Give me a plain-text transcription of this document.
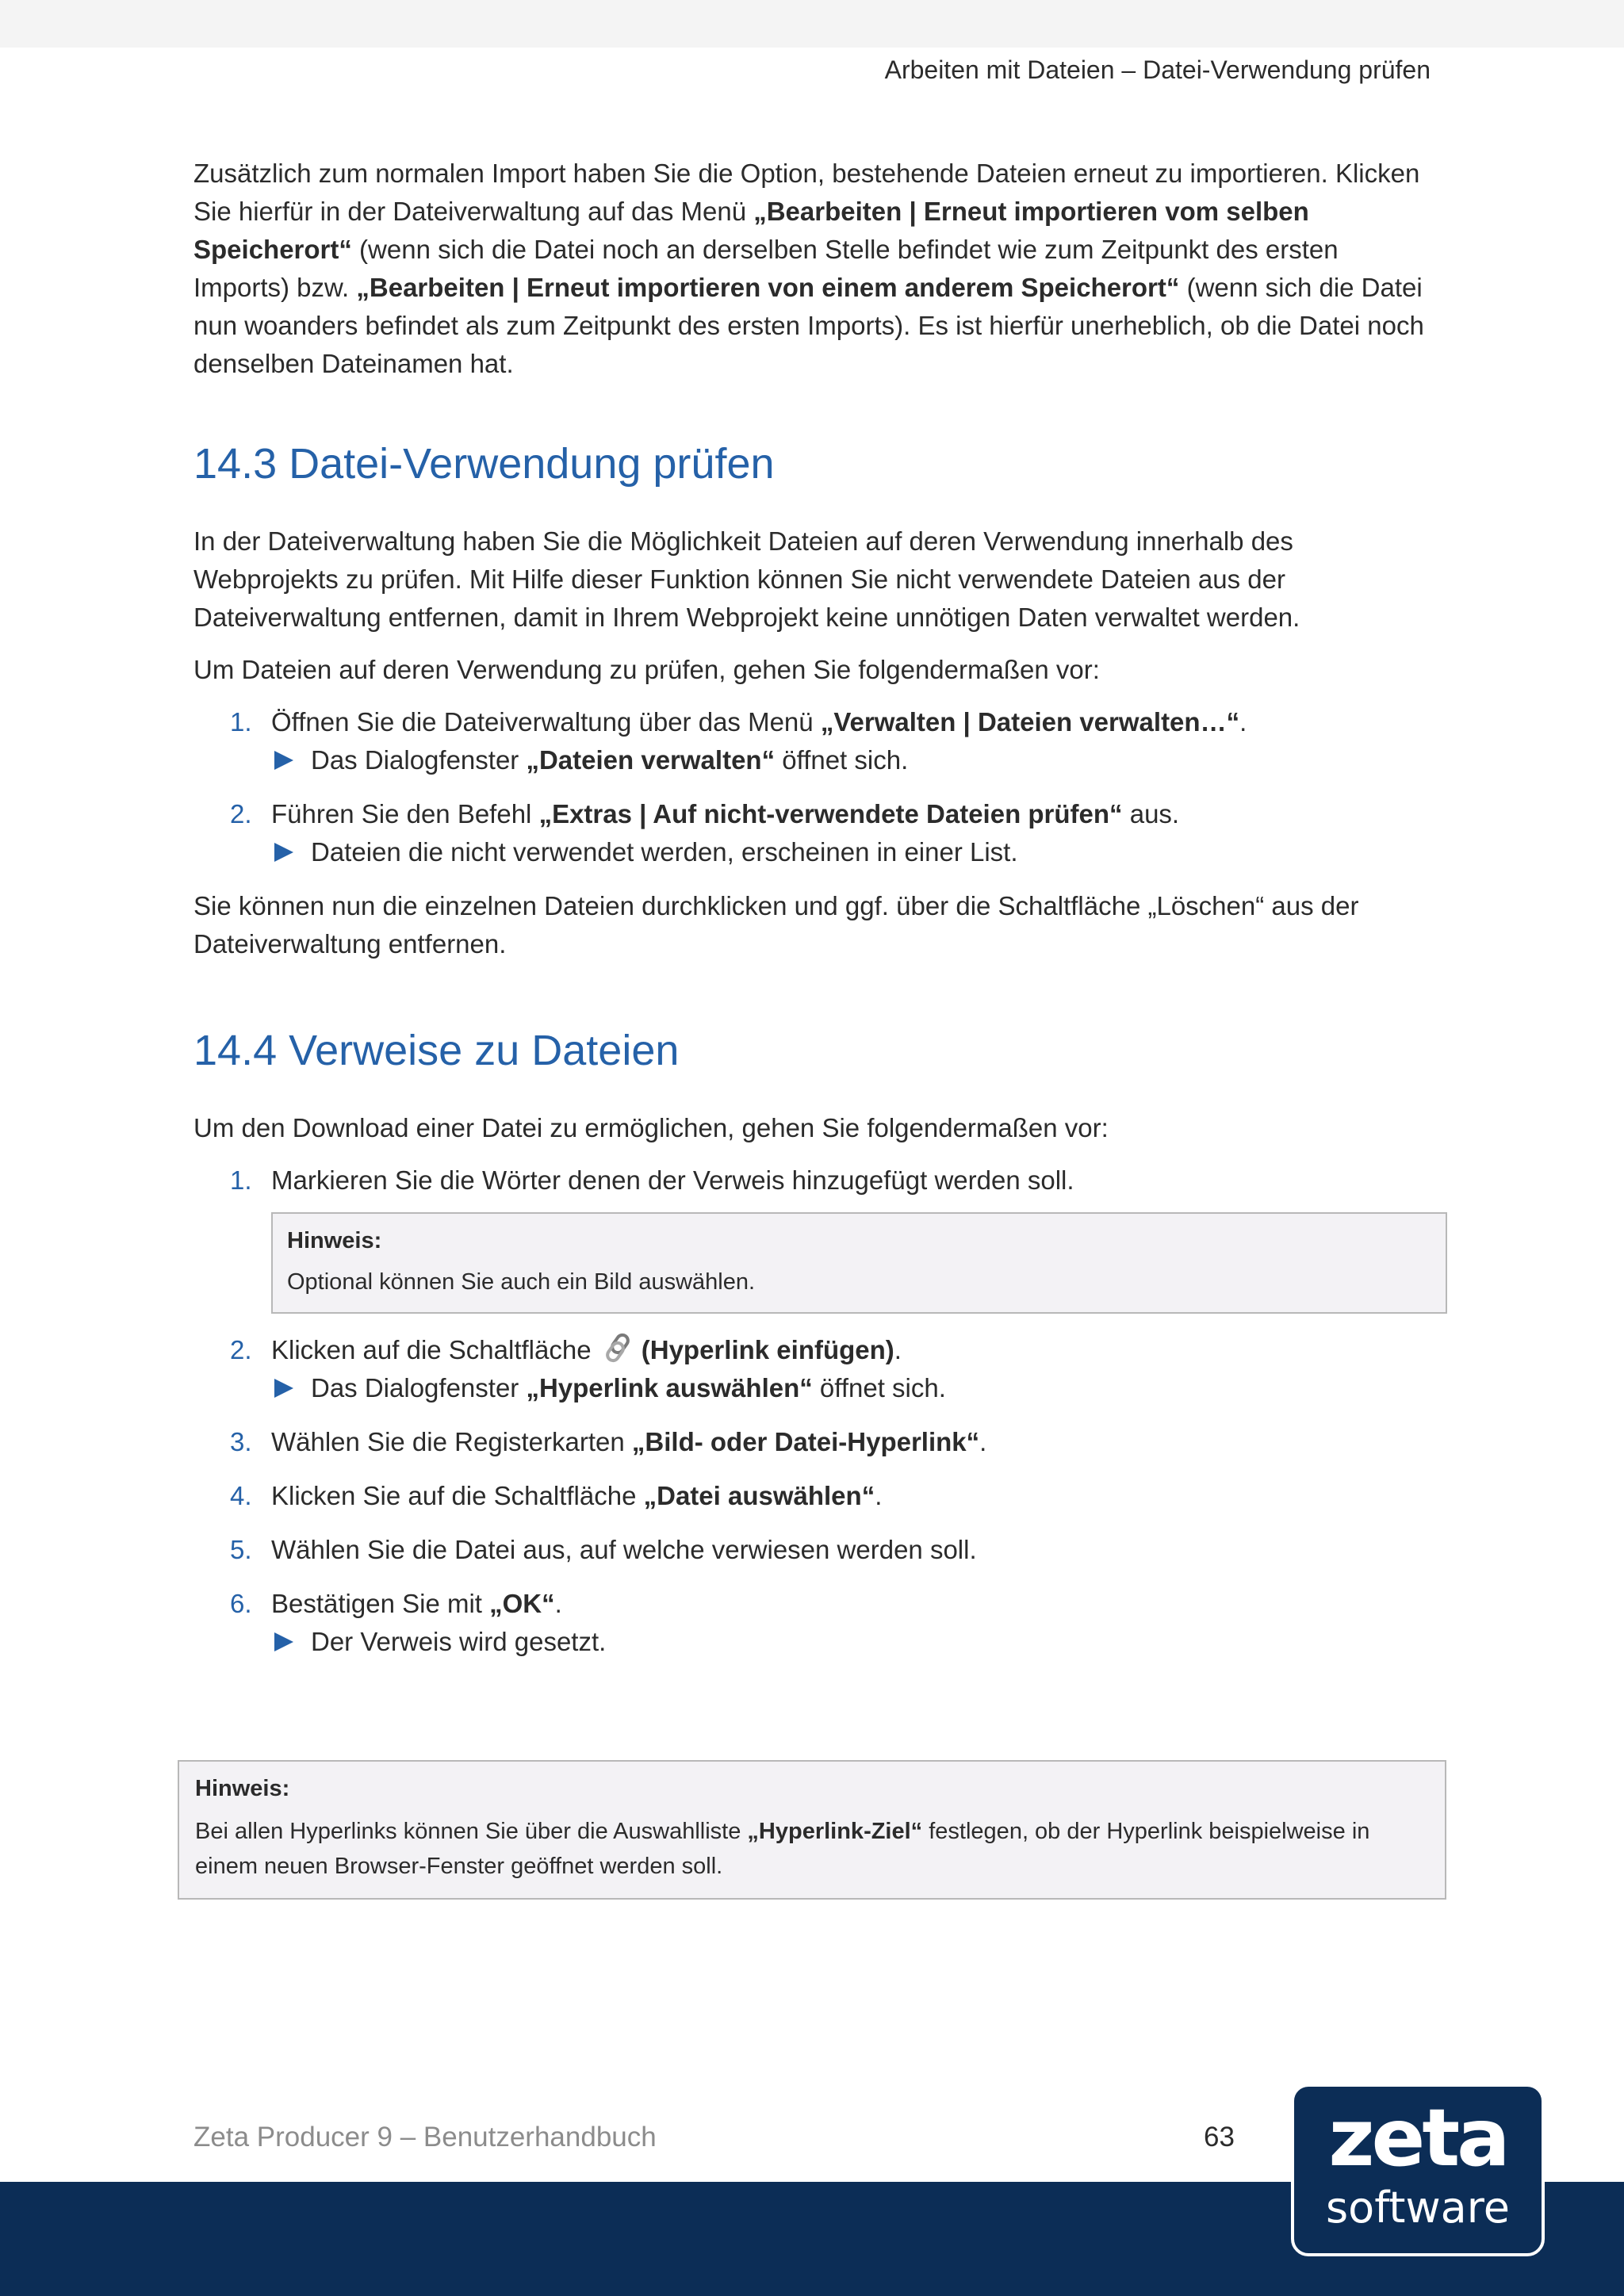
Arbeiten mit Dateien – Datei-Verwendung prüfen

Zusätzlich zum normalen Import haben Sie die Option, bestehende Dateien erneut zu importieren. Klicken Sie hierfür in der Dateiverwaltung auf das Menü „Bearbeiten | Erneut importieren vom selben Speicherort“ (wenn sich die Datei noch an derselben Stelle befindet wie zum Zeitpunkt des ersten Imports) bzw. „Bearbeiten | Erneut importieren von einem anderem Speicherort“ (wenn sich die Datei nun woanders befindet als zum Zeitpunkt des ersten Imports). Es ist hierfür unerheblich, ob die Datei noch denselben Dateinamen hat.

14.3 Datei-Verwendung prüfen

In der Dateiverwaltung haben Sie die Möglichkeit Dateien auf deren Verwendung innerhalb des Webprojekts zu prüfen. Mit Hilfe dieser Funktion können Sie nicht verwendete Dateien aus der Dateiverwaltung entfernen, damit in Ihrem Webprojekt keine unnötigen Daten verwaltet werden.

Um Dateien auf deren Verwendung zu prüfen, gehen Sie folgendermaßen vor:

1. Öffnen Sie die Dateiverwaltung über das Menü „Verwalten | Dateien verwalten…“.
Das Dialogfenster „Dateien verwalten“ öffnet sich.
2. Führen Sie den Befehl „Extras | Auf nicht-verwendete Dateien prüfen“ aus.
Dateien die nicht verwendet werden, erscheinen in einer List.

Sie können nun die einzelnen Dateien durchklicken und ggf. über die Schaltfläche „Löschen“ aus der Dateiverwaltung entfernen.

14.4 Verweise zu Dateien

Um den Download einer Datei zu ermöglichen, gehen Sie folgendermaßen vor:

1. Markieren Sie die Wörter denen der Verweis hinzugefügt werden soll.
Hinweis:
Optional können Sie auch ein Bild auswählen.
2. Klicken auf die Schaltfläche (Hyperlink einfügen).
Das Dialogfenster „Hyperlink auswählen“ öffnet sich.
3. Wählen Sie die Registerkarten „Bild- oder Datei-Hyperlink“.
4. Klicken Sie auf die Schaltfläche „Datei auswählen“.
5. Wählen Sie die Datei aus, auf welche verwiesen werden soll.
6. Bestätigen Sie mit „OK“.
Der Verweis wird gesetzt.
Hinweis:
Bei allen Hyperlinks können Sie über die Auswahlliste „Hyperlink-Ziel“ festlegen, ob der Hyperlink beispielweise in einem neuen Browser-Fenster geöffnet werden soll.
Zeta Producer 9 – Benutzerhandbuch	63	zeta
software
